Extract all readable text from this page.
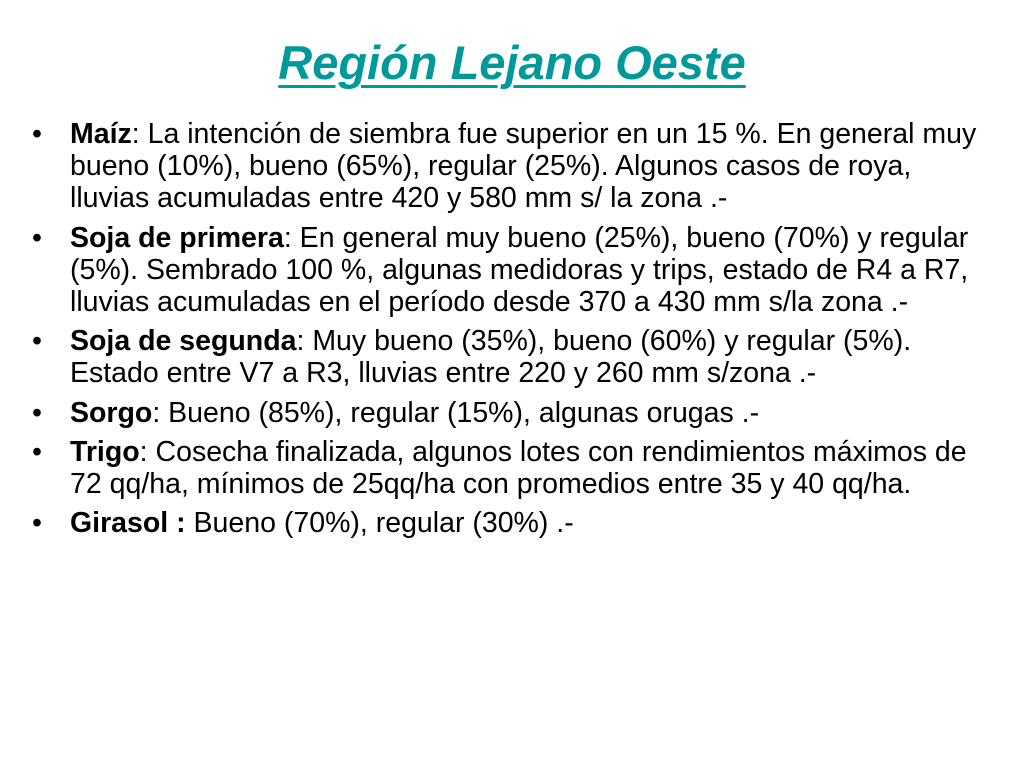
Región Lejano Oeste
• Maíz: La intención de siembra fue superior en un 15 %. En general muy bueno (10%), bueno (65%), regular (25%). Algunos casos de roya, lluvias acumuladas entre 420 y 580 mm s/ la zona .-
• Soja de primera: En general muy bueno (25%), bueno (70%) y regular (5%). Sembrado 100 %, algunas medidoras y trips, estado de R4 a R7, lluvias acumuladas en el período desde 370 a 430 mm s/la zona .-
• Soja de segunda: Muy bueno (35%), bueno (60%) y regular (5%). Estado entre V7 a R3, lluvias entre 220 y 260 mm s/zona .-
• Sorgo: Bueno (85%), regular (15%), algunas orugas .-
• Trigo: Cosecha finalizada, algunos lotes con rendimientos máximos de 72 qq/ha, mínimos de 25qq/ha con promedios entre 35 y 40 qq/ha.
• Girasol : Bueno (70%), regular (30%) .-
